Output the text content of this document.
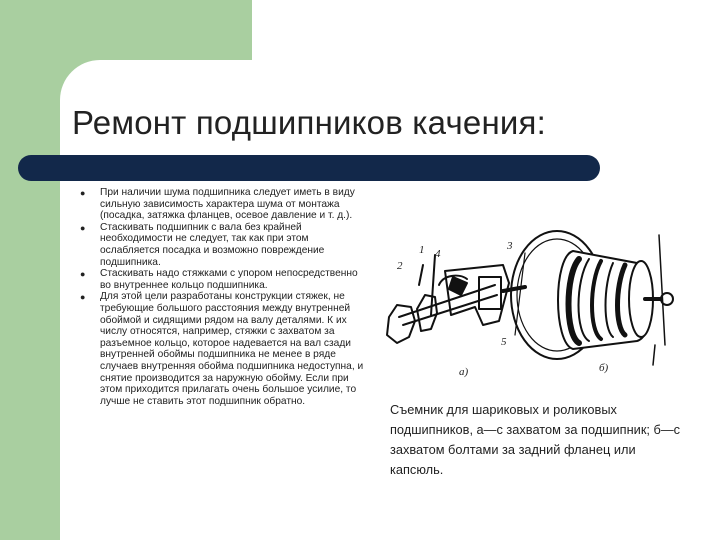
Ремонт подшипников качения:
● При наличии шума подшипника следует иметь в виду сильную зависимость характера шума от монтажа (посадка, затяжка фланцев, осевое давление и т. д.).
● Стаскивать подшипник с вала без крайней необходимости не следует, так как при этом ослабляется посадка и возможно повреждение подшипника.
● Стаскивать надо стяжками с упором непосредственно во внутреннее кольцо подшипника.
● Для этой цели разработаны конструкции стяжек, не требующие большого расстояния между внутренней обоймой и сидящими рядом на валу деталями. К их числу относятся, например, стяжки с захватом за разъемное кольцо, которое надевается на вал сзади внутренней обоймы подшипника не менее в ряде случаев внутренняя обойма подшипника недоступна, и снятие производится за наружную обойму. Если при этом приходится прилагать очень большое усилие, то лучше не ставить этот подшипник обратно.
1
2
3
4
5
а)	б)
Съемник для шариковых и роликовых подшипников, а—с захватом за подшипник; б—с захватом болтами за задний фланец или капсюль.
